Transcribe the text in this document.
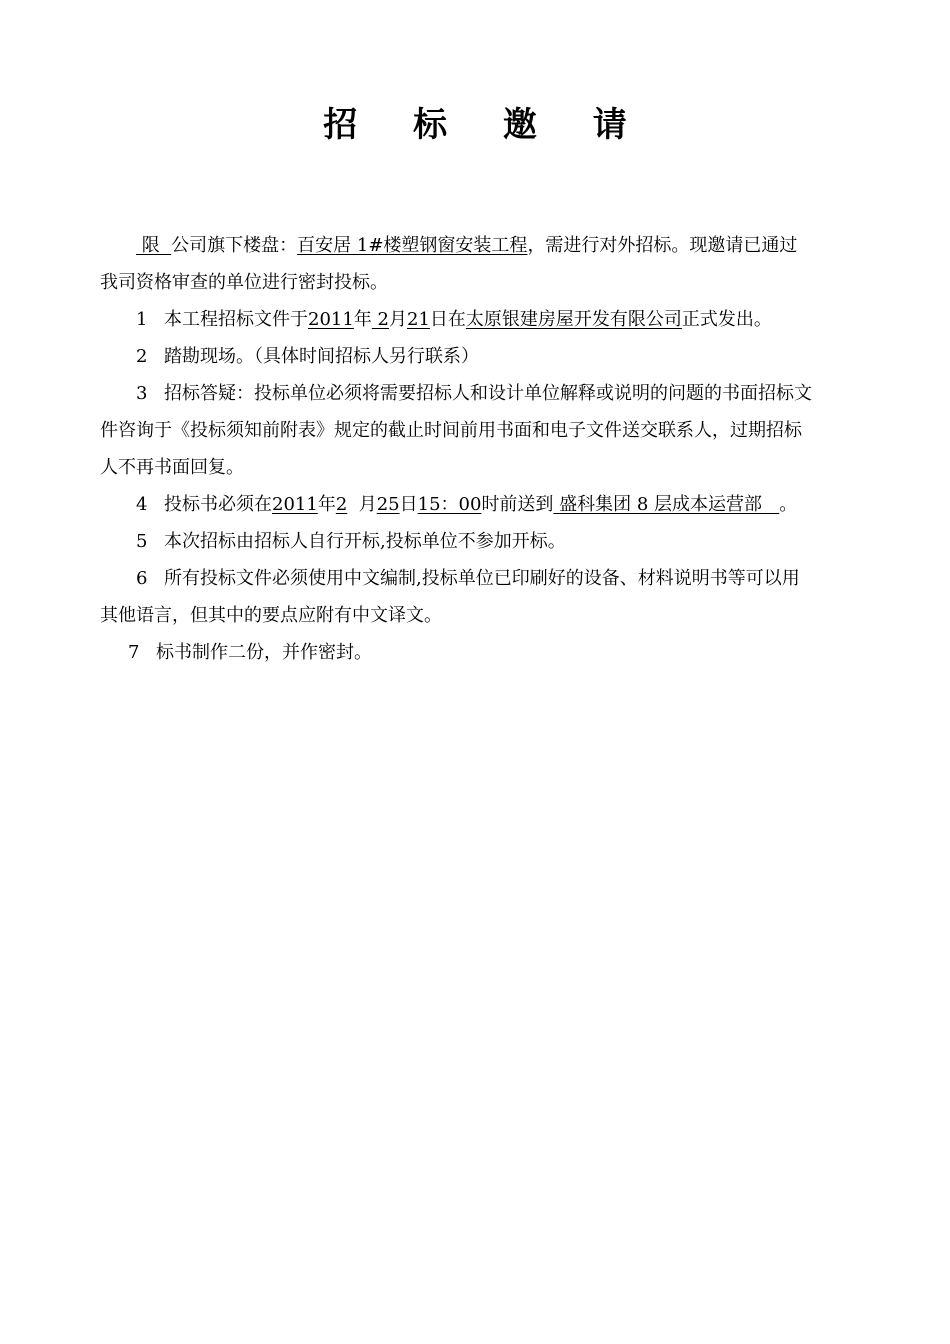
招 标 邀 请

限  公司旗下楼盘：百安居 1#楼塑钢窗安装工程，需进行对外招标。现邀请已通过

我司资格审查的单位进行密封投标。

1 本工程招标文件于2011年 2月21日在太原银建房屋开发有限公司正式发出。

2 踏勘现场。（具体时间招标人另行联系）

3 招标答疑：投标单位必须将需要招标人和设计单位解释或说明的问题的书面招标文

件咨询于《投标须知前附表》规定的截止时间前用书面和电子文件送交联系人，过期招标

人不再书面回复。

4 投标书必须在2011年2  月25日15：00时前送到 盛科集团 8 层成本运营部   。

5 本次招标由招标人自行开标,投标单位不参加开标。

6 所有投标文件必须使用中文编制,投标单位已印刷好的设备、材料说明书等可以用

其他语言，但其中的要点应附有中文译文。

7 标书制作二份，并作密封。
